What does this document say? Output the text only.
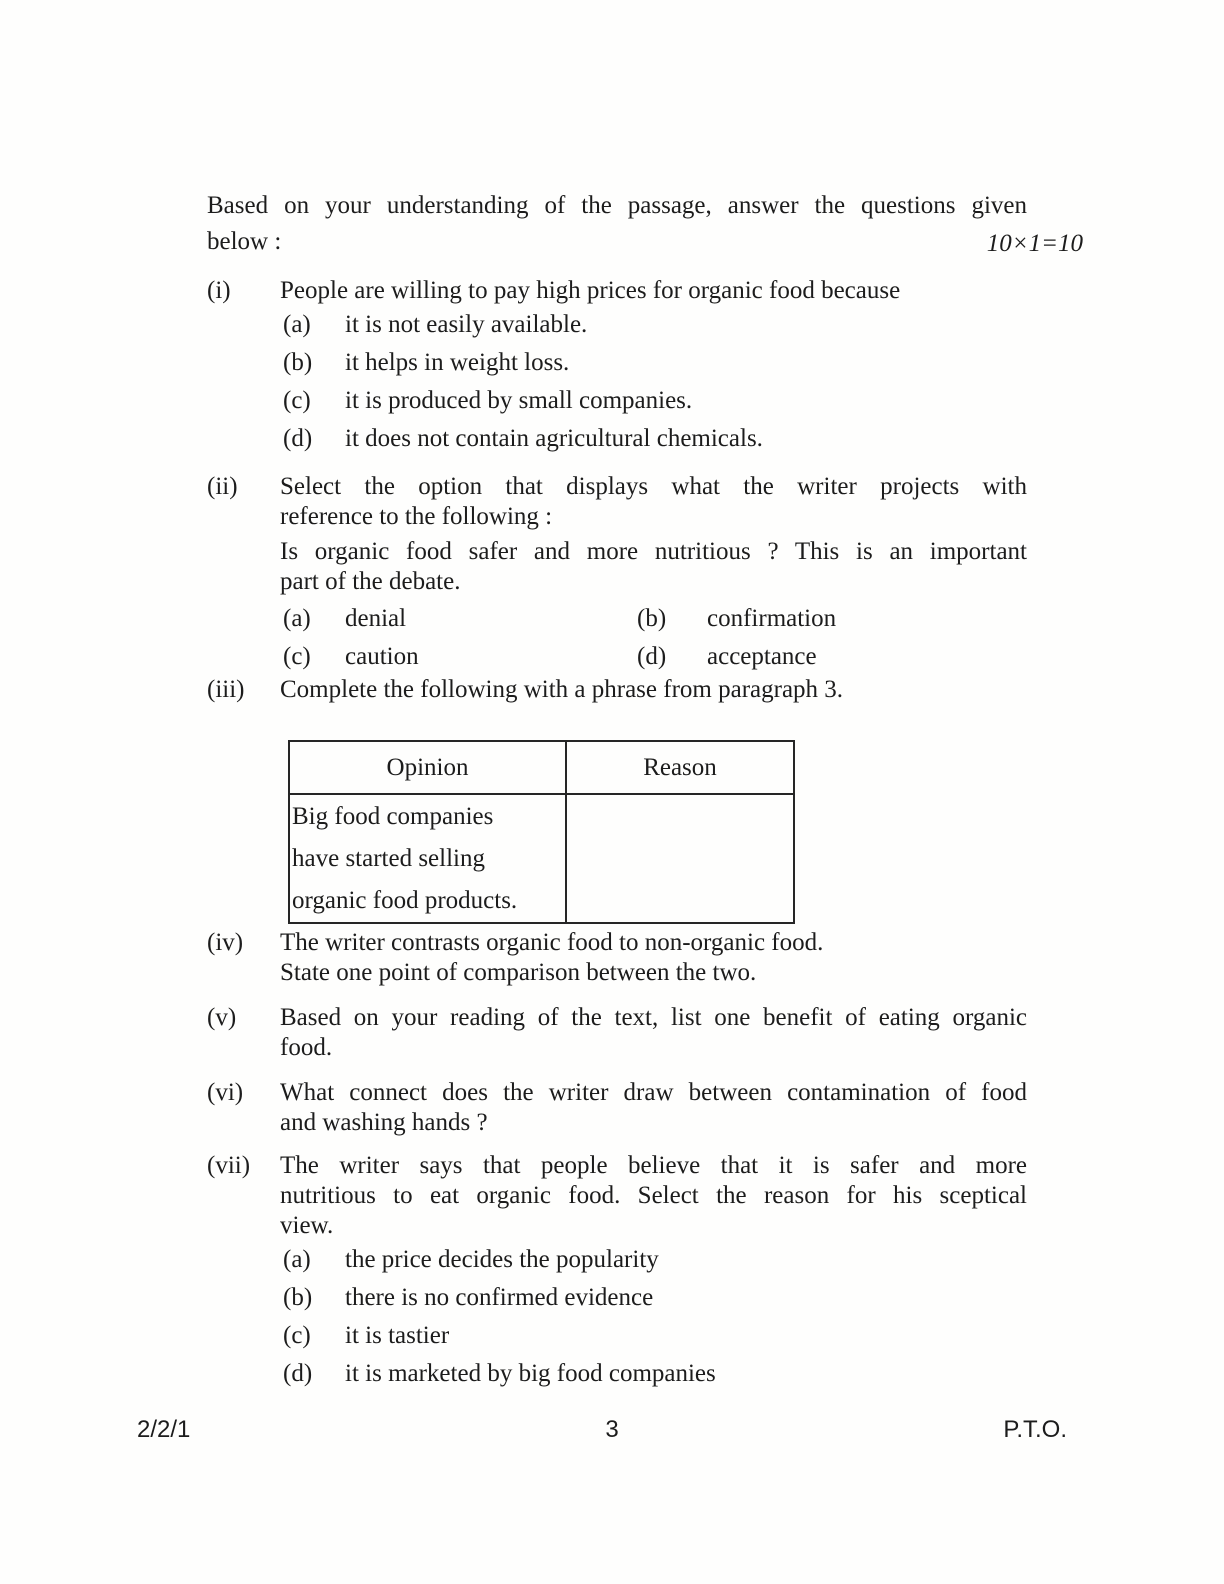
10×1=10
Based on your understanding of the passage, answer the questions given
below :
(i)	People are willing to pay high prices for organic food because
(a)	it is not easily available.
(b)	it helps in weight loss.
(c)	it is produced by small companies.
(d)	it does not contain agricultural chemicals.
(ii)	Select the option that displays what the writer projects with
reference to the following :
Is organic food safer and more nutritious ? This is an important
part of the debate.
(a)	denial	(b)	confirmation
(c)	caution	(d)	acceptance
(iii)	Complete the following with a phrase from paragraph 3.
Opinion	Reason

Big food companies
have started selling
organic food products.	

(iv)	The writer contrasts organic food to non-organic food.
State one point of comparison between the two.
(v)	Based on your reading of the text, list one benefit of eating organic
food.
(vi)	What connect does the writer draw between contamination of food
and washing hands ?
(vii)	The writer says that people believe that it is safer and more
nutritious to eat organic food. Select the reason for his sceptical
view.
(a)	the price decides the popularity
(b)	there is no confirmed evidence
(c)	it is tastier
(d)	it is marketed by big food companies
3
2/2/1	P.T.O.
